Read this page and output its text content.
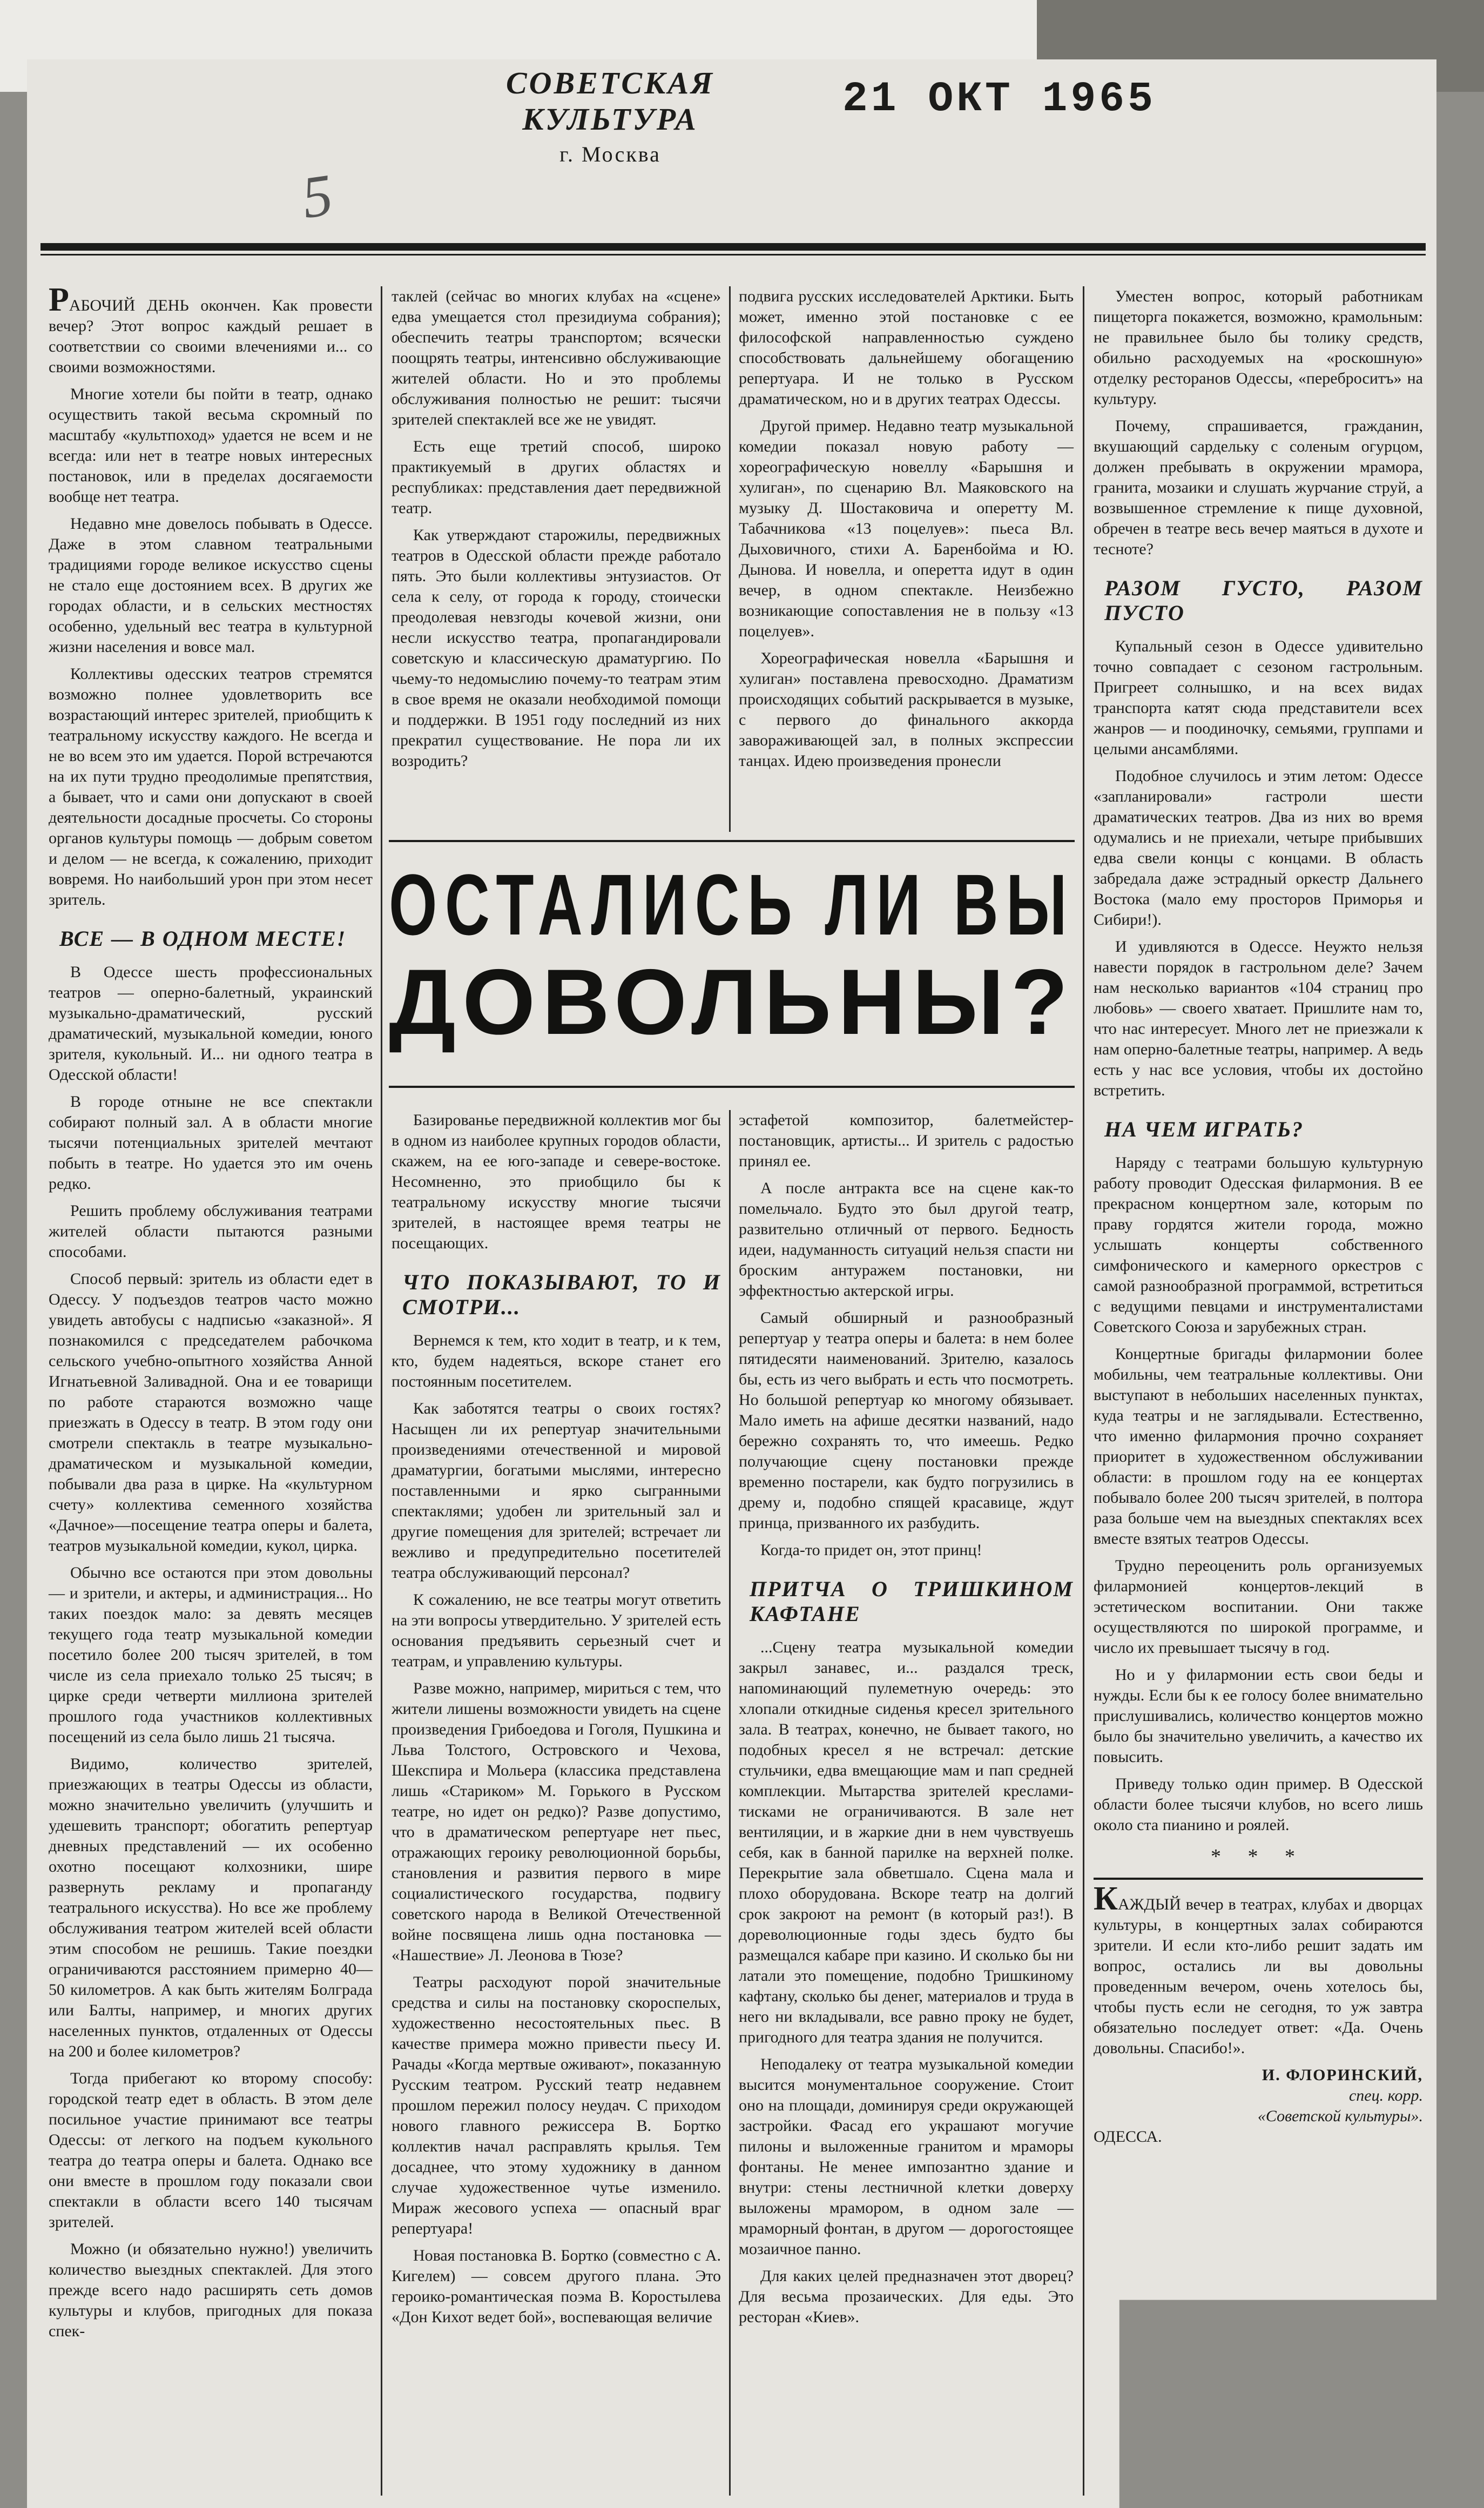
СОВЕТСКАЯ КУЛЬТУРА
г. Москва
21 ОКТ 1965
5

РАБОЧИЙ ДЕНЬ окончен. Как провести вечер? Этот вопрос каждый решает в соответствии со своими влечениями и... со своими возможностями.

Многие хотели бы пойти в театр, однако осуществить такой весьма скромный по масштабу «культпоход» удается не всем и не всегда: или нет в театре новых интересных постановок, или в пределах досягаемости вообще нет театра.

Недавно мне довелось побывать в Одессе. Даже в этом славном театральными традициями городе великое искусство сцены не стало еще достоянием всех. В других же городах области, и в сельских местностях особенно, удельный вес театра в культурной жизни населения и вовсе мал.

Коллективы одесских театров стремятся возможно полнее удовлетворить все возрастающий интерес зрителей, приобщить к театральному искусству каждого. Не всегда и не во всем это им удается. Порой встречаются на их пути трудно преодолимые препятствия, а бывает, что и сами они допускают в своей деятельности досадные просчеты. Со стороны органов культуры помощь — добрым советом и делом — не всегда, к сожалению, приходит вовремя. Но наибольший урон при этом несет зритель.

ВСЕ — В ОДНОМ МЕСТЕ!

В Одессе шесть профессиональных театров — оперно-балетный, украинский музыкально-драматический, русский драматический, музыкальной комедии, юного зрителя, кукольный. И... ни одного театра в Одесской области!

В городе отныне не все спектакли собирают полный зал. А в области многие тысячи потенциальных зрителей мечтают побыть в театре. Но удается это им очень редко.

Решить проблему обслуживания театрами жителей области пытаются разными способами.

Способ первый: зритель из области едет в Одессу. У подъездов театров часто можно увидеть автобусы с надписью «заказной». Я познакомился с председателем рабочкома сельского учебно-опытного хозяйства Анной Игнатьевной Заливадной. Она и ее товарищи по работе стараются возможно чаще приезжать в Одессу в театр. В этом году они смотрели спектакль в театре музыкально-драматическом и музыкальной комедии, побывали два раза в цирке. На «культурном счету» коллектива семенного хозяйства «Дачное»—посещение театра оперы и балета, театров музыкальной комедии, кукол, цирка.

Обычно все остаются при этом довольны — и зрители, и актеры, и администрация... Но таких поездок мало: за девять месяцев текущего года театр музыкальной комедии посетило более 200 тысяч зрителей, в том числе из села приехало только 25 тысяч; в цирке среди четверти миллиона зрителей прошлого года участников коллективных посещений из села было лишь 21 тысяча.

Видимо, количество зрителей, приезжающих в театры Одессы из области, можно значительно увеличить (улучшить и удешевить транспорт; обогатить репертуар дневных представлений — их особенно охотно посещают колхозники, шире развернуть рекламу и пропаганду театрального искусства). Но все же проблему обслуживания театром жителей всей области этим способом не решишь. Такие поездки ограничиваются расстоянием примерно 40—50 километров. А как быть жителям Болграда или Балты, например, и многих других населенных пунктов, отдаленных от Одессы на 200 и более километров?

Тогда прибегают ко второму способу: городской театр едет в область. В этом деле посильное участие принимают все театры Одессы: от легкого на подъем кукольного театра до театра оперы и балета. Однако все они вместе в прошлом году показали свои спектакли в области всего 140 тысячам зрителей.

Можно (и обязательно нужно!) увеличить количество выездных спектаклей. Для этого прежде всего надо расширять сеть домов культуры и клубов, пригодных для показа спек-

таклей (сейчас во многих клубах на «сцене» едва умещается стол президиума собрания); обеспечить театры транспортом; всячески поощрять театры, интенсивно обслуживающие жителей области. Но и это проблемы обслуживания полностью не решит: тысячи зрителей спектаклей все же не увидят.

Есть еще третий способ, широко практикуемый в других областях и республиках: представления дает передвижной театр.

Как утверждают старожилы, передвижных театров в Одесской области прежде работало пять. Это были коллективы энтузиастов. От села к селу, от города к городу, стоически преодолевая невзгоды кочевой жизни, они несли искусство театра, пропагандировали советскую и классическую драматургию. По чьему-то недомыслию почему-то театрам этим в свое время не оказали необходимой помощи и поддержки. В 1951 году последний из них прекратил существование. Не пора ли их возродить?

подвига русских исследователей Арктики. Быть может, именно этой постановке с ее философской направленностью суждено способствовать дальнейшему обогащению репертуара. И не только в Русском драматическом, но и в других театрах Одессы.

Другой пример. Недавно театр музыкальной комедии показал новую работу — хореографическую новеллу «Барышня и хулиган», по сценарию Вл. Маяковского на музыку Д. Шостаковича и оперетту М. Табачникова «13 поцелуев»: пьеса Вл. Дыховичного, стихи А. Баренбойма и Ю. Дынова. И новелла, и оперетта идут в один вечер, в одном спектакле. Неизбежно возникающие сопоставления не в пользу «13 поцелуев».

Хореографическая новелла «Барышня и хулиган» поставлена превосходно. Драматизм происходящих событий раскрывается в музыке, с первого до финального аккорда завораживающей зал, в полных экспрессии танцах. Идею произведения пронесли

ОСТАЛИСЬ ЛИ ВЫ
ДОВОЛЬНЫ?

Базированье передвижной коллектив мог бы в одном из наиболее крупных городов области, скажем, на ее юго-западе и севере-востоке. Несомненно, это приобщило бы к театральному искусству многие тысячи зрителей, в настоящее время театры не посещающих.

ЧТО ПОКАЗЫВАЮТ, ТО И СМОТРИ...

Вернемся к тем, кто ходит в театр, и к тем, кто, будем надеяться, вскоре станет его постоянным посетителем.

Как заботятся театры о своих гостях? Насыщен ли их репертуар значительными произведениями отечественной и мировой драматургии, богатыми мыслями, интересно поставленными и ярко сыгранными спектаклями; удобен ли зрительный зал и другие помещения для зрителей; встречает ли вежливо и предупредительно посетителей театра обслуживающий персонал?

К сожалению, не все театры могут ответить на эти вопросы утвердительно. У зрителей есть основания предъявить серьезный счет и театрам, и управлению культуры.

Разве можно, например, мириться с тем, что жители лишены возможности увидеть на сцене произведения Грибоедова и Гоголя, Пушкина и Льва Толстого, Островского и Чехова, Шекспира и Мольера (классика представлена лишь «Стариком» М. Горького в Русском театре, но идет он редко)? Разве допустимо, что в драматическом репертуаре нет пьес, отражающих героику революционной борьбы, становления и развития первого в мире социалистического государства, подвигу советского народа в Великой Отечественной войне посвящена лишь одна постановка — «Нашествие» Л. Леонова в Тюзе?

Театры расходуют порой значительные средства и силы на постановку скороспелых, художественно несостоятельных пьес. В качестве примера можно привести пьесу И. Рачады «Когда мертвые оживают», показанную Русским театром. Русский театр недавнем прошлом пережил полосу неудач. С приходом нового главного режиссера В. Бортко коллектив начал расправлять крылья. Тем досаднее, что этому художнику в данном случае художественное чутье изменило. Мираж жесового успеха — опасный враг репертуара!

Новая постановка В. Бортко (совместно с А. Кигелем) — совсем другого плана. Это героико-романтическая поэма В. Коростылева «Дон Кихот ведет бой», воспевающая величие

эстафетой композитор, балетмейстер-постановщик, артисты... И зритель с радостью принял ее.

А после антракта все на сцене как-то помельчало. Будто это был другой театр, развительно отличный от первого. Бедность идеи, надуманность ситуаций нельзя спасти ни броским антуражем постановки, ни эффектностью актерской игры.

Самый обширный и разнообразный репертуар у театра оперы и балета: в нем более пятидесяти наименований. Зрителю, казалось бы, есть из чего выбрать и есть что посмотреть. Но большой репертуар ко многому обязывает. Мало иметь на афише десятки названий, надо бережно сохранять то, что имеешь. Редко получающие сцену постановки прежде временно постарели, как будто погрузились в дрему и, подобно спящей красавице, ждут принца, призванного их разбудить.

Когда-то придет он, этот принц!

ПРИТЧА О ТРИШКИНОМ КАФТАНЕ

...Сцену театра музыкальной комедии закрыл занавес, и... раздался треск, напоминающий пулеметную очередь: это хлопали откидные сиденья кресел зрительного зала. В театрах, конечно, не бывает такого, но подобных кресел я не встречал: детские стульчики, едва вмещающие мам и пап средней комплекции. Мытарства зрителей креслами-тисками не ограничиваются. В зале нет вентиляции, и в жаркие дни в нем чувствуешь себя, как в банной парилке на верхней полке. Перекрытие зала обветшало. Сцена мала и плохо оборудована. Вскоре театр на долгий срок закроют на ремонт (в который раз!). В дореволюционные годы здесь будто бы размещался кабаре при казино. И сколько бы ни латали это помещение, подобно Тришкиному кафтану, сколько бы денег, материалов и труда в него ни вкладывали, все равно проку не будет, пригодного для театра здания не получится.

Неподалеку от театра музыкальной комедии высится монументальное сооружение. Стоит оно на площади, доминируя среди окружающей застройки. Фасад его украшают могучие пилоны и выложенные гранитом и мраморы фонтаны. Не менее импозантно здание и внутри: стены лестничной клетки доверху выложены мрамором, в одном зале — мраморный фонтан, в другом — дорогостоящее мозаичное панно.

Для каких целей предназначен этот дворец? Для весьма прозаических. Для еды. Это ресторан «Киев».

Уместен вопрос, который работникам пищеторга покажется, возможно, крамольным: не правильнее было бы толику средств, обильно расходуемых на «роскошную» отделку ресторанов Одессы, «переброситъ» на культуру.

Почему, спрашивается, гражданин, вкушающий сардельку с соленым огурцом, должен пребывать в окружении мрамора, гранита, мозаики и слушать журчание струй, а возвышенное стремление к пище духовной, обречен в театре весь вечер маяться в духоте и тесноте?

РАЗОМ ГУСТО, РАЗОМ ПУСТО

Купальный сезон в Одессе удивительно точно совпадает с сезоном гастрольным. Пригреет солнышко, и на всех видах транспорта катят сюда представители всех жанров — и поодиночку, семьями, группами и целыми ансамблями.

Подобное случилось и этим летом: Одессе «запланировали» гастроли шести драматических театров. Два из них во время одумались и не приехали, четыре прибывших едва свели концы с концами. В область забредала даже эстрадный оркестр Дальнего Востока (мало ему просторов Приморья и Сибири!).

И удивляются в Одессе. Неужто нельзя навести порядок в гастрольном деле? Зачем нам несколько вариантов «104 страниц про любовь» — своего хватает. Пришлите нам то, что нас интересует. Много лет не приезжали к нам оперно-балетные театры, например. А ведь есть у нас все условия, чтобы их достойно встретить.

НА ЧЕМ ИГРАТЬ?

Наряду с театрами большую культурную работу проводит Одесская филармония. В ее прекрасном концертном зале, которым по праву гордятся жители города, можно услышать концерты собственного симфонического и камерного оркестров с самой разнообразной программой, встретиться с ведущими певцами и инструменталистами Советского Союза и зарубежных стран.

Концертные бригады филармонии более мобильны, чем театральные коллективы. Они выступают в небольших населенных пунктах, куда театры и не заглядывали. Естественно, что именно филармония прочно сохраняет приоритет в художественном обслуживании области: в прошлом году на ее концертах побывало более 200 тысяч зрителей, в полтора раза больше чем на выездных спектаклях всех вместе взятых театров Одессы.

Трудно переоценить роль организуемых филармонией концертов-лекций в эстетическом воспитании. Они также осуществляются по широкой программе, и число их превышает тысячу в год.

Но и у филармонии есть свои беды и нужды. Если бы к ее голосу более внимательно прислушивались, количество концертов можно было бы значительно увеличить, а качество их повысить.

Приведу только один пример. В Одесской области более тысячи клубов, но всего лишь около ста пианино и роялей.

* * *

КАЖДЫЙ вечер в театрах, клубах и дворцах культуры, в концертных залах собираются зрители. И если кто-либо решит задать им вопрос, остались ли вы довольны проведенным вечером, очень хотелось бы, чтобы пусть если не сегодня, то уж завтра обязательно последует ответ: «Да. Очень довольны. Спасибо!».

И. ФЛОРИНСКИЙ,
спец. корр.
«Советской культуры».
ОДЕССА.
